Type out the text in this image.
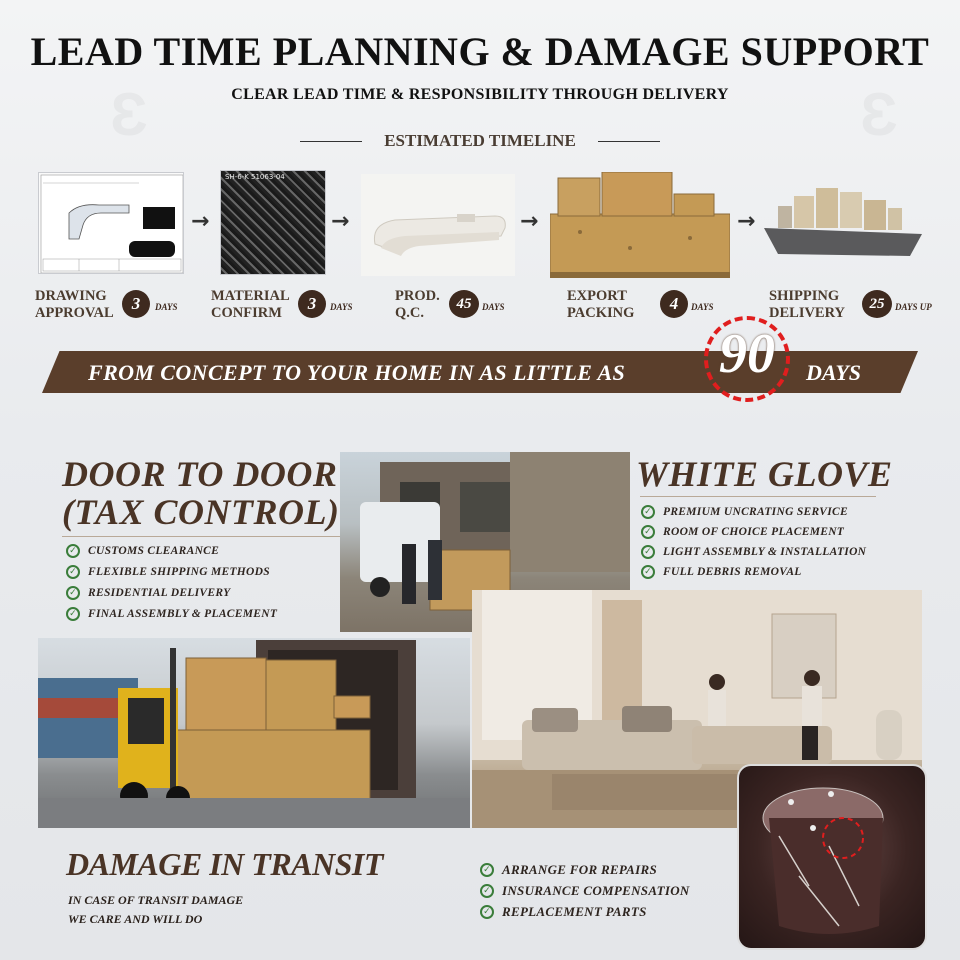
Ɛ	Ɛ
LEAD TIME PLANNING & DAMAGE SUPPORT
CLEAR LEAD TIME & RESPONSIBILITY THROUGH DELIVERY
ESTIMATED TIMELINE
→
SH-6-K 51063-04
→	→	→
DRAWING
APPROVAL	3	DAYS
MATERIAL
CONFIRM	3	DAYS
PROD.
Q.C.
45	DAYS
EXPORT
PACKING	4	DAYS
SHIPPING
DELIVERY
25	DAYS UP
FROM CONCEPT TO YOUR HOME IN AS LITTLE AS 90	DAYS
DOOR TO DOOR
(TAX CONTROL)
✓ CUSTOMS CLEARANCE
✓ FLEXIBLE SHIPPING METHODS
✓ RESIDENTIAL DELIVERY
✓ FINAL ASSEMBLY & PLACEMENT
WHITE GLOVE
✓ PREMIUM UNCRATING SERVICE
✓ ROOM OF CHOICE PLACEMENT
✓ LIGHT ASSEMBLY & INSTALLATION
✓ FULL DEBRIS REMOVAL
DAMAGE IN TRANSIT
IN CASE OF TRANSIT DAMAGE
WE CARE AND WILL DO
✓ ARRANGE FOR REPAIRS
✓ INSURANCE COMPENSATION
✓ REPLACEMENT PARTS
